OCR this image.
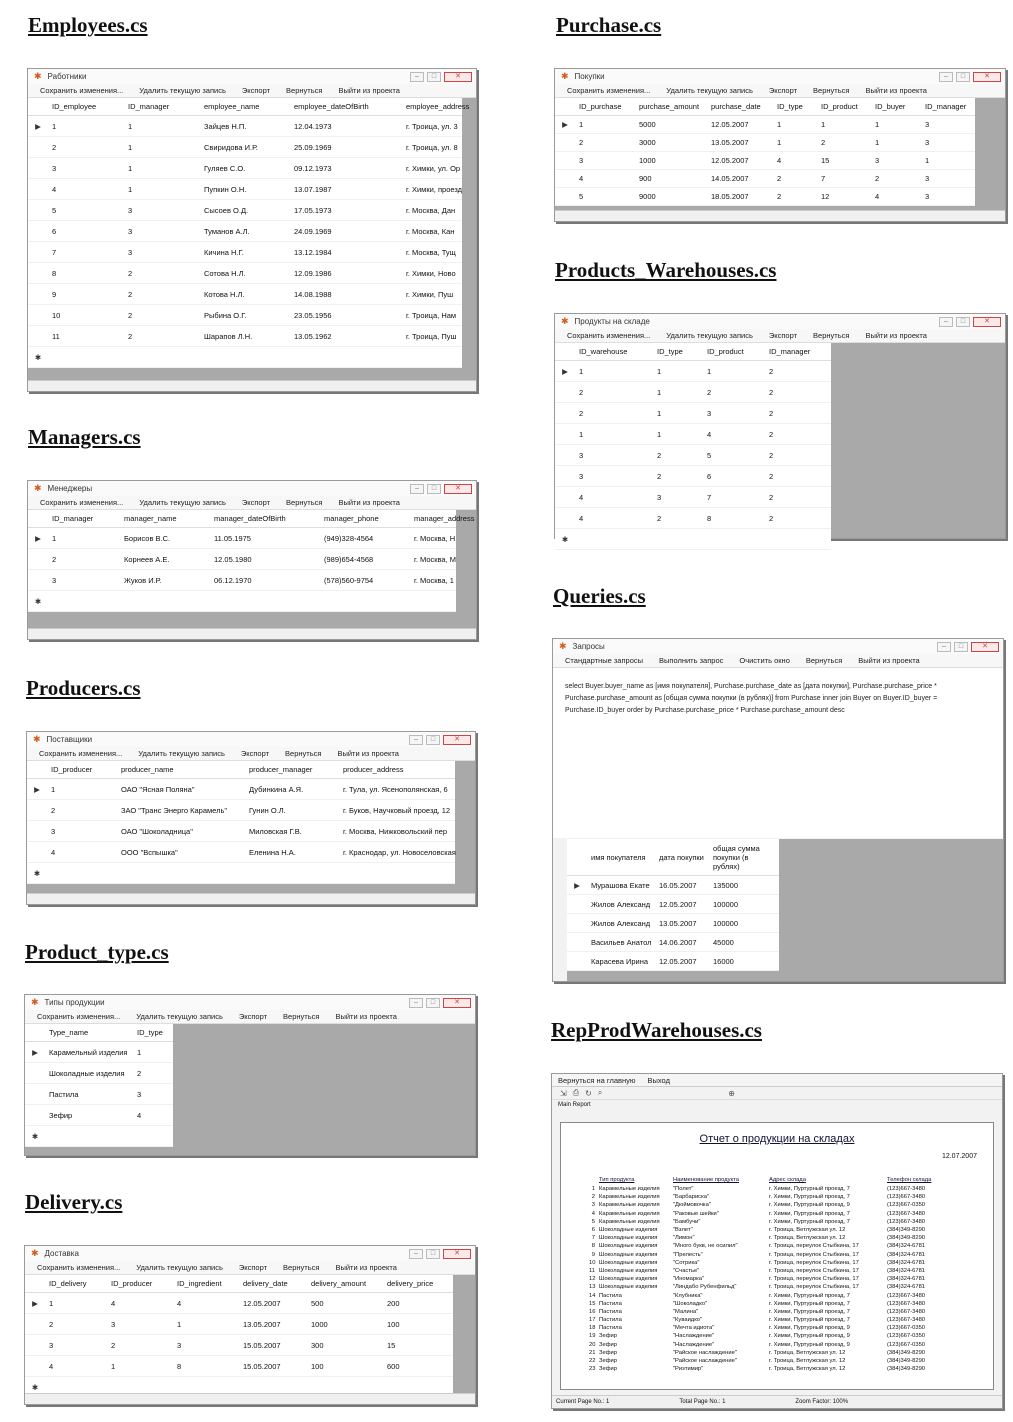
Employees.cs
Managers.cs
Producers.cs
Product_type.cs
Delivery.cs
Purchase.cs
Products_Warehouses.cs
Queries.cs
RepProdWarehouses.cs
✱ Работники	–	□	✕
Сохранить изменения... Удалить текущую запись Экспорт Вернуться Выйти из проекта
	ID_employee	ID_manager	employee_name	employee_dateOfBirth	employee_address
▶	1	1	Зайцев Н.П.	12.04.1973	г. Троица, ул. 3
	2	1	Свиридова И.Р.	25.09.1969	г. Троица, ул. 8
	3	1	Гуляев С.О.	09.12.1973	г. Химки, ул. Ор
	4	1	Пупкин О.Н.	13.07.1987	г. Химки, проезд
	5	3	Сысоев О.Д.	17.05.1973	г. Москва, Дан
	6	3	Туманов А.Л.	24.09.1969	г. Москва, Кан
	7	3	Кичина Н.Г.	13.12.1984	г. Москва, Тущ
	8	2	Сотова Н.Л.	12.09.1986	г. Химки, Ново
	9	2	Котова Н.Л.	14.08.1988	г. Химки, Пуш
	10	2	Рыбина О.Г.	23.05.1956	г. Троица, Нам
	11	2	Шарапов Л.Н.	13.05.1962	г. Троица, Пуш
✱					
✱ Менеджеры	–	□	✕
Сохранить изменения... Удалить текущую запись Экспорт Вернуться Выйти из проекта
	ID_manager	manager_name	manager_dateOfBirth	manager_phone	manager_address
▶	1	Борисов В.С.	11.05.1975	(949)328-4564	г. Москва, Н
	2	Корнеев А.Е.	12.05.1980	(989)654-4568	г. Москва, М
	3	Жуков И.Р.	06.12.1970	(578)560-9754	г. Москва, 1
✱					
✱ Поставщики	–	□	✕
Сохранить изменения... Удалить текущую запись Экспорт Вернуться Выйти из проекта
	ID_producer	producer_name	producer_manager	producer_address
▶	1	ОАО "Ясная Поляна"	Дубинкина А.Я.	г. Тула, ул. Ясенополянская, 6
	2	ЗАО "Транс Энерго Карамель"	Гунин О.Л.	г. Буков, Научковый проезд, 12
	3	ОАО "Шоколадница"	Миловская Г.В.	г. Москва, Нижковольский пер
	4	ООО "Вспышка"	Еленина Н.А.	г. Краснодар, ул. Новоселовская
✱				
✱ Типы продукции	–	□	✕
Сохранить изменения... Удалить текущую запись Экспорт Вернуться Выйти из проекта
	Type_name	ID_type
▶	Карамельный изделия	1
	Шоколадные изделия	2
	Пастила	3
	Зефир	4
✱		
✱ Доставка	–	□	✕
Сохранить изменения... Удалить текущую запись Экспорт Вернуться Выйти из проекта
	ID_delivery	ID_producer	ID_ingredient	delivery_date	delivery_amount	delivery_price
▶	1	4	4	12.05.2007	500	200
	2	3	1	13.05.2007	1000	100
	3	2	3	15.05.2007	300	15
	4	1	8	15.05.2007	100	600
✱						
✱ Покупки	–	□	✕
Сохранить изменения... Удалить текущую запись Экспорт Вернуться Выйти из проекта
	ID_purchase	purchase_amount	purchase_date	ID_type	ID_product	ID_buyer	ID_manager
▶	1	5000	12.05.2007	1	1	1	3
	2	3000	13.05.2007	1	2	1	3
	3	1000	12.05.2007	4	15	3	1
	4	900	14.05.2007	2	7	2	3
	5	9000	18.05.2007	2	12	4	3
✱ Продукты на складе	–	□	✕
Сохранить изменения... Удалить текущую запись Экспорт Вернуться Выйти из проекта
	ID_warehouse	ID_type	ID_product	ID_manager
▶	1	1	1	2
	2	1	2	2
	2	1	3	2
	1	1	4	2
	3	2	5	2
	3	2	6	2
	4	3	7	2
	4	2	8	2
✱				
✱ Запросы	–	□	✕
Стандартные запросы Выполнить запрос Очистить окно Вернуться Выйти из проекта
select Buyer.buyer_name as [имя покупателя], Purchase.purchase_date as [дата покупки], Purchase.purchase_price * Purchase.purchase_amount as [общая сумма покупки (в рублях)] from Purchase inner join Buyer on Buyer.ID_buyer = Purchase.ID_buyer order by Purchase.purchase_price * Purchase.purchase_amount desc
	имя покупателя	дата покупки	общая сумма покупки (в рублях)
▶	Мурашова Екате	16.05.2007	135000
	Жилов Александ	12.05.2007	100000
	Жилов Александ	13.05.2007	100000
	Васильев Анатол	14.06.2007	45000
	Карасева Ирина	12.05.2007	16000
Вернуться на главную Выход
⇲ ⎙ ↻ ⌕	⊕
Main Report
Отчет о продукции на складах
12.07.2007
	Тип продукта	Наименование продукта	Адрес склада	Телефон склада
1	Карамельные изделия	"Полет"	г. Химки, Пуртурный проезд, 7	(123)667-3480
2	Карамельные изделия	"Барбариска"	г. Химки, Пуртурный проезд, 7	(123)667-3480
3	Карамельные изделия	"Дюймовочка"	г. Химки, Пуртурный проезд, 9	(123)667-0350
4	Карамельные изделия	"Раковые шейки"	г. Химки, Пуртурный проезд, 7	(123)667-3480
5	Карамельные изделия	"Бамбучи"	г. Химки, Пуртурный проезд, 7	(123)667-3480
6	Шоколадные изделия	"Взлет"	г. Троица, Ветлужская ул. 12	(384)349-8290
7	Шоколадные изделия	"Лимон"	г. Троица, Ветлужская ул. 12	(384)349-8290
8	Шоколадные изделия	"Много букв, не осилил"	г. Троица, переулок Стыбкина, 17	(384)324-6781
9	Шоколадные изделия	"Прелесть"	г. Троица, переулок Стыбкина, 17	(384)324-6781
10	Шоколадные изделия	"Сотрика"	г. Троица, переулок Стыбкина, 17	(384)324-6781
11	Шоколадные изделия	"Счастье"	г. Троица, переулок Стыбкина, 17	(384)324-6781
12	Шоколадные изделия	"Иномарка"	г. Троица, переулок Стыбкина, 17	(384)324-6781
13	Шоколадные изделия	"Линдабо Рубенфильд"	г. Троица, переулок Стыбкина, 17	(384)324-6781
14	Пастила	"Клубника"	г. Химки, Пуртурный проезд, 7	(123)667-3480
15	Пастила	"Шоколадко"	г. Химки, Пуртурный проезд, 7	(123)667-3480
16	Пастила	"Малина"	г. Химки, Пуртурный проезд, 7	(123)667-3480
17	Пастила	"Куваидко"	г. Химки, Пуртурный проезд, 7	(123)667-3480
18	Пастила	"Мечта идиота"	г. Химки, Пуртурный проезд, 9	(123)667-0350
19	Зефир	"Наслаждение"	г. Химки, Пуртурный проезд, 9	(123)667-0350
20	Зефир	"Наслаждение"	г. Химки, Пуртурный проезд, 9	(123)667-0350
21	Зефир	"Райское наслаждение"	г. Троица, Ветлужская ул. 12	(384)349-8290
22	Зефир	"Райское наслаждение"	г. Троица, Ветлужская ул. 12	(384)349-8290
23	Зефир	"Ризтимир"	г. Троица, Ветлужская ул. 12	(384)349-8290
Current Page No.: 1	Total Page No.: 1	Zoom Factor: 100%
